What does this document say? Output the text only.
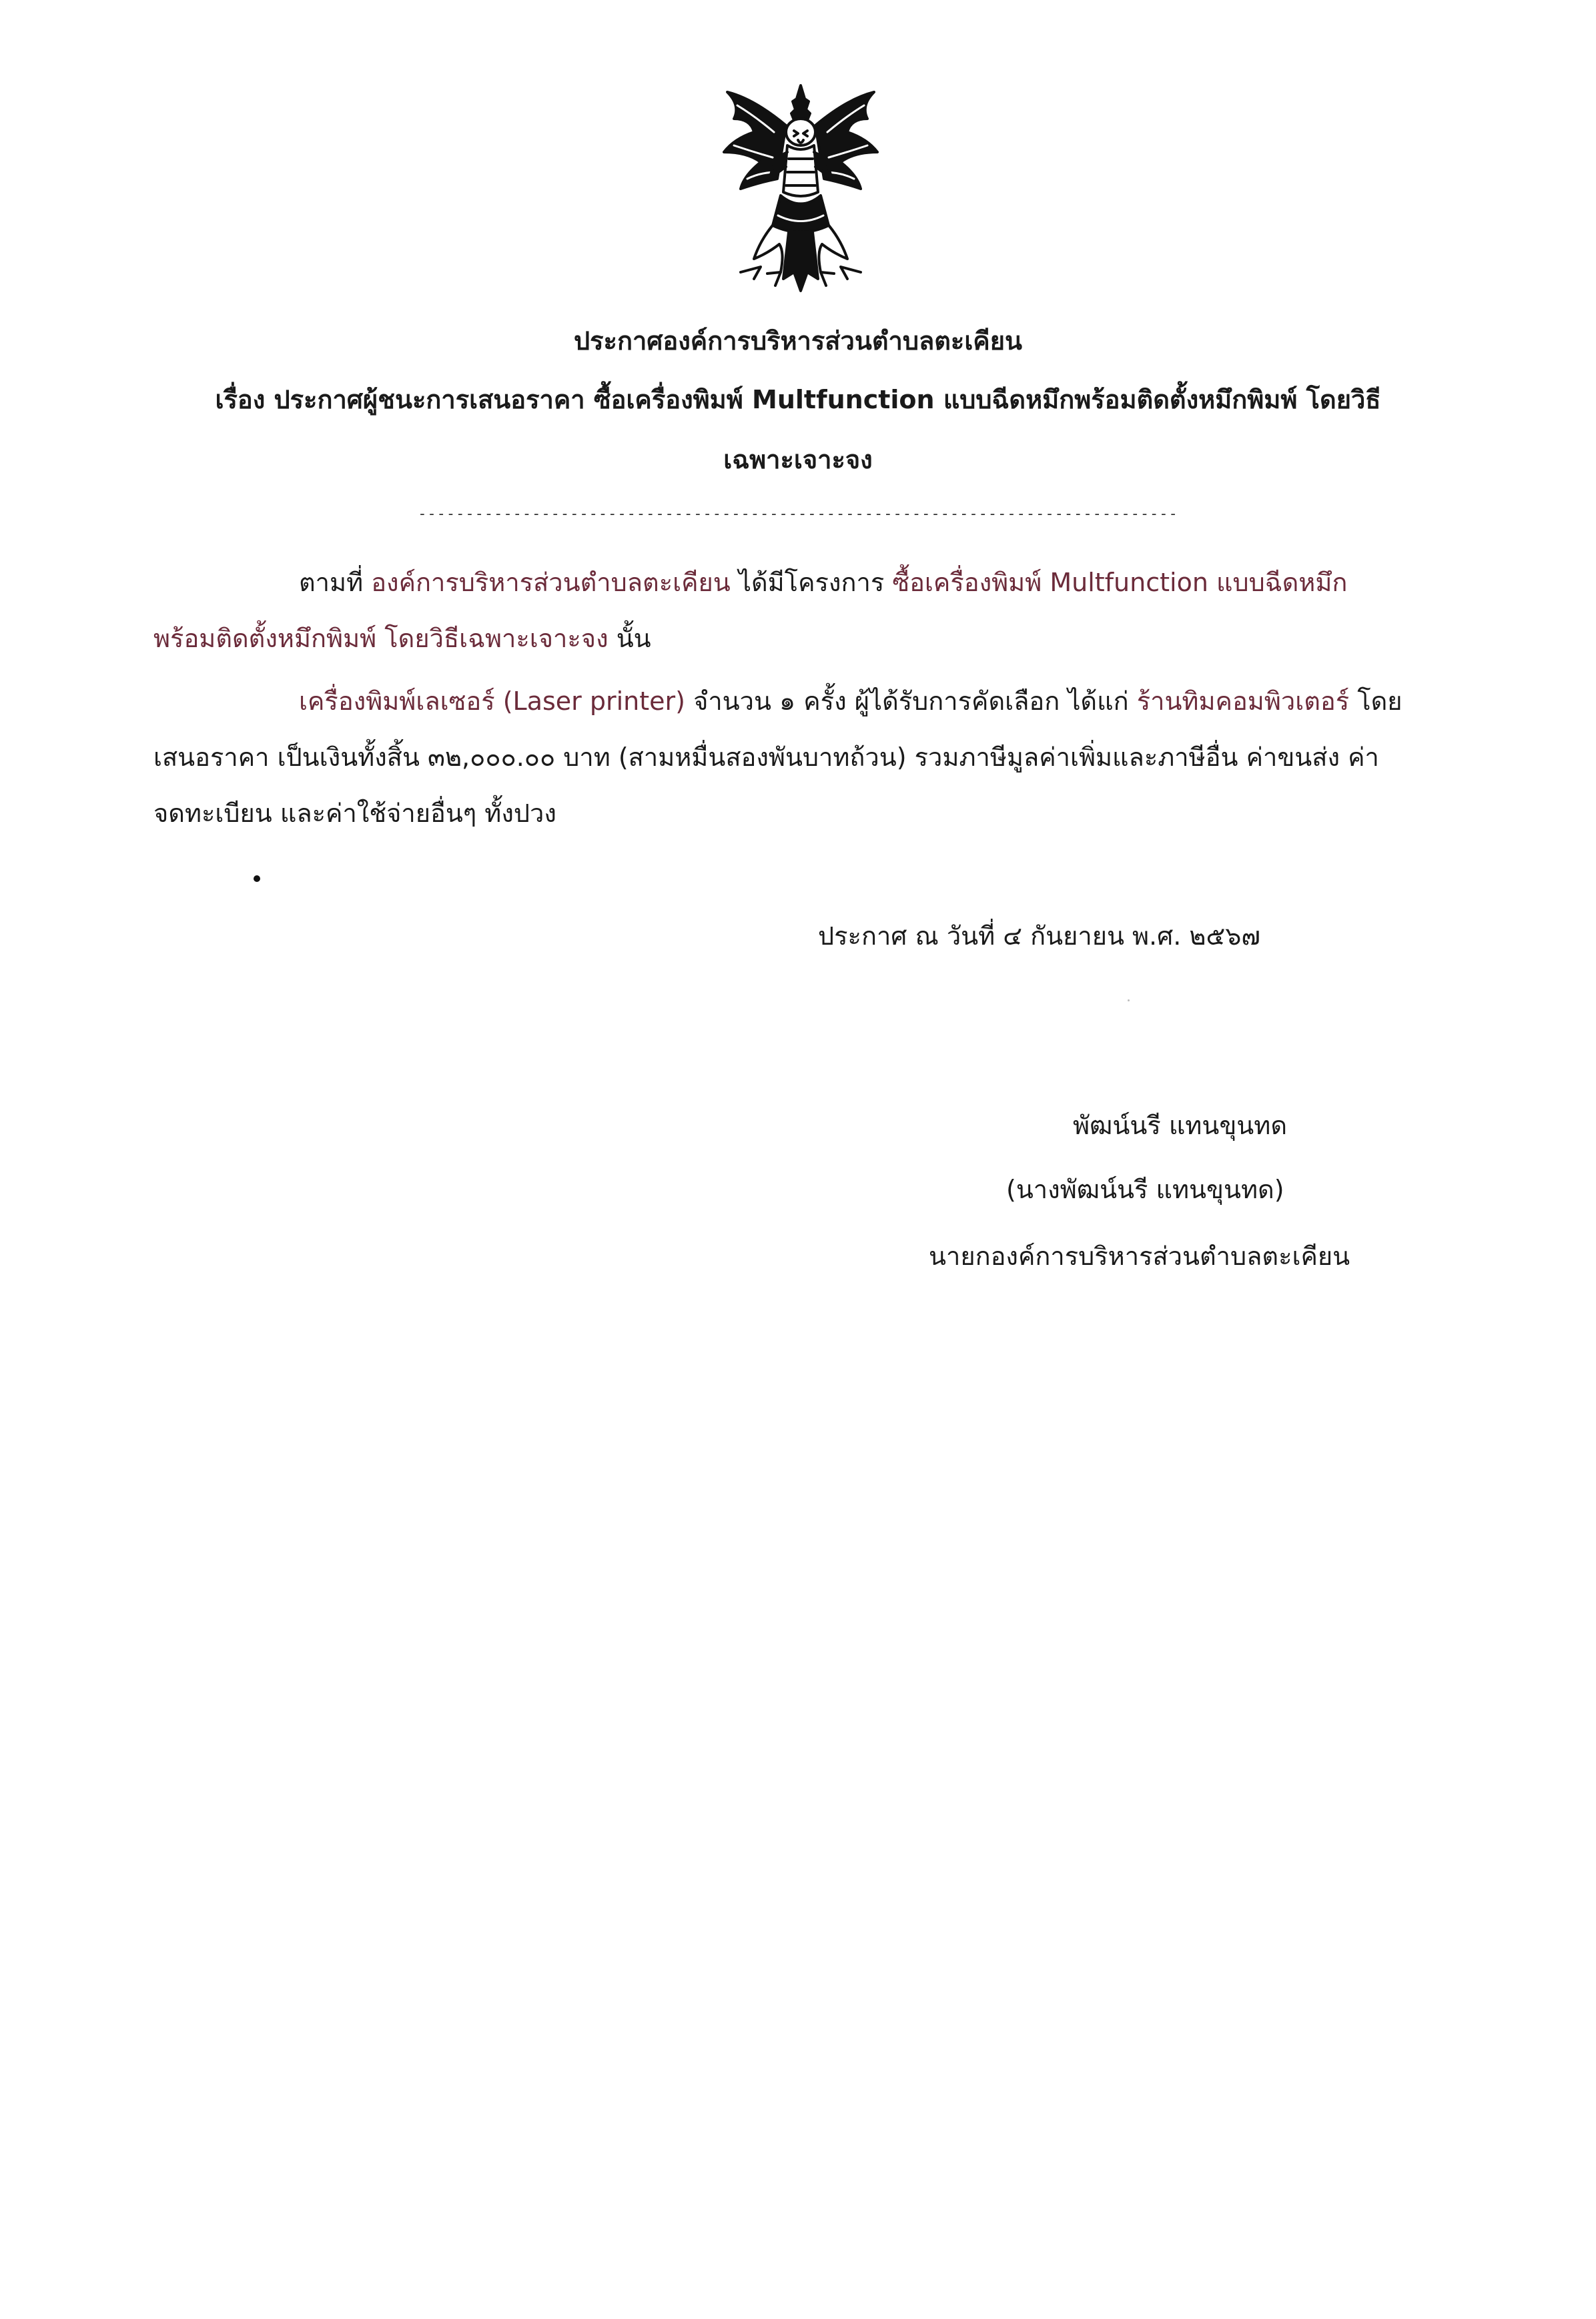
ประกาศองค์การบริหารส่วนตำบลตะเคียน
เรื่อง ประกาศผู้ชนะการเสนอราคา ซื้อเครื่องพิมพ์ Multfunction แบบฉีดหมึกพร้อมติดตั้งหมึกพิมพ์ โดยวิธี
เฉพาะเจาะจง
--------------------------------------------------------------------------------
ตามที่ องค์การบริหารส่วนตำบลตะเคียน ได้มีโครงการ ซื้อเครื่องพิมพ์ Multfunction แบบฉีดหมึก
พร้อมติดตั้งหมึกพิมพ์ โดยวิธีเฉพาะเจาะจง นั้น
เครื่องพิมพ์เลเซอร์ (Laser printer) จำนวน ๑ ครั้ง ผู้ได้รับการคัดเลือก ได้แก่ ร้านทิมคอมพิวเตอร์ โดย
เสนอราคา เป็นเงินทั้งสิ้น ๓๒,๐๐๐.๐๐ บาท (สามหมื่นสองพันบาทถ้วน) รวมภาษีมูลค่าเพิ่มและภาษีอื่น ค่าขนส่ง ค่า
จดทะเบียน และค่าใช้จ่ายอื่นๆ ทั้งปวง
ประกาศ ณ วันที่ ๔ กันยายน พ.ศ. ๒๕๖๗
พัฒน์นรี แทนขุนทด
(นางพัฒน์นรี แทนขุนทด)
นายกองค์การบริหารส่วนตำบลตะเคียน
